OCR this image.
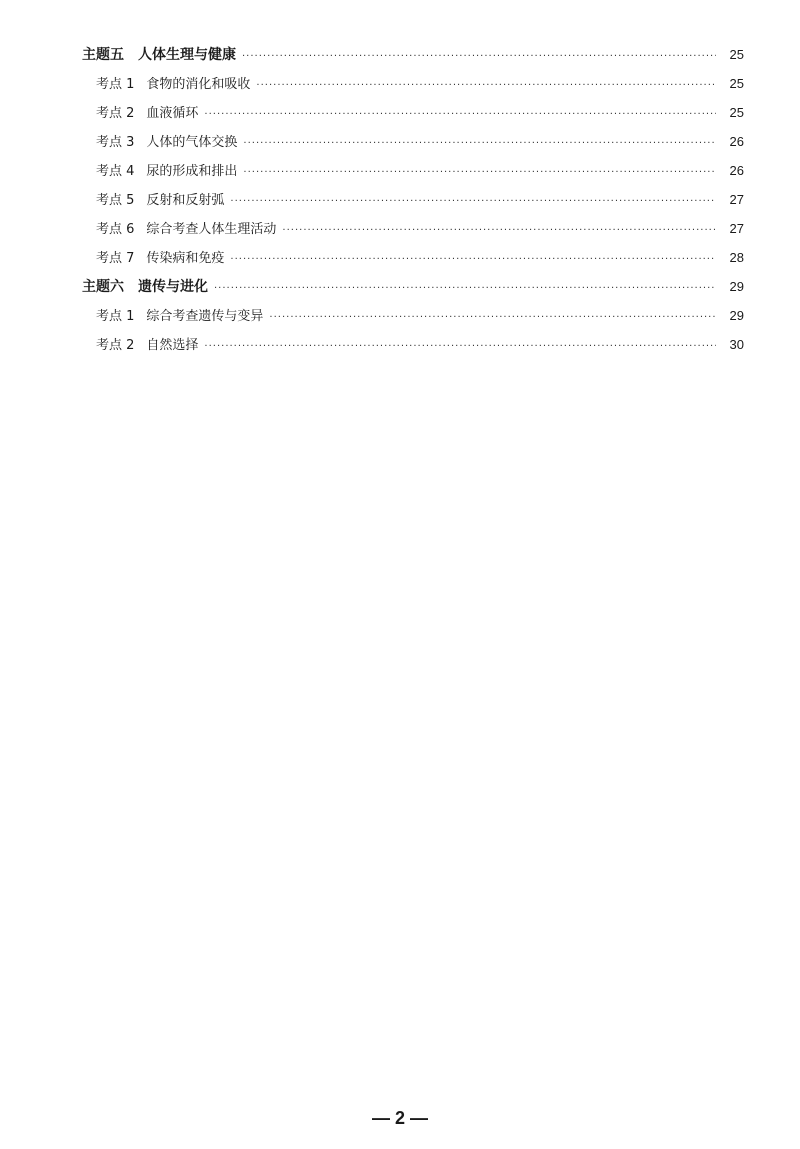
主题五 人体生理与健康 ·····	25
考点 1 食物的消化和吸收 ·····	25
考点 2 血液循环 ·····	25
考点 3 人体的气体交换 ·····	26
考点 4 尿的形成和排出 ·····	26
考点 5 反射和反射弧 ·····	27
考点 6 综合考查人体生理活动 ·····	27
考点 7 传染病和免疫 ·····	28
主题六 遗传与进化 ·····	29
考点 1 综合考查遗传与变异 ·····	29
考点 2 自然选择 ·····	30
— 2 —
